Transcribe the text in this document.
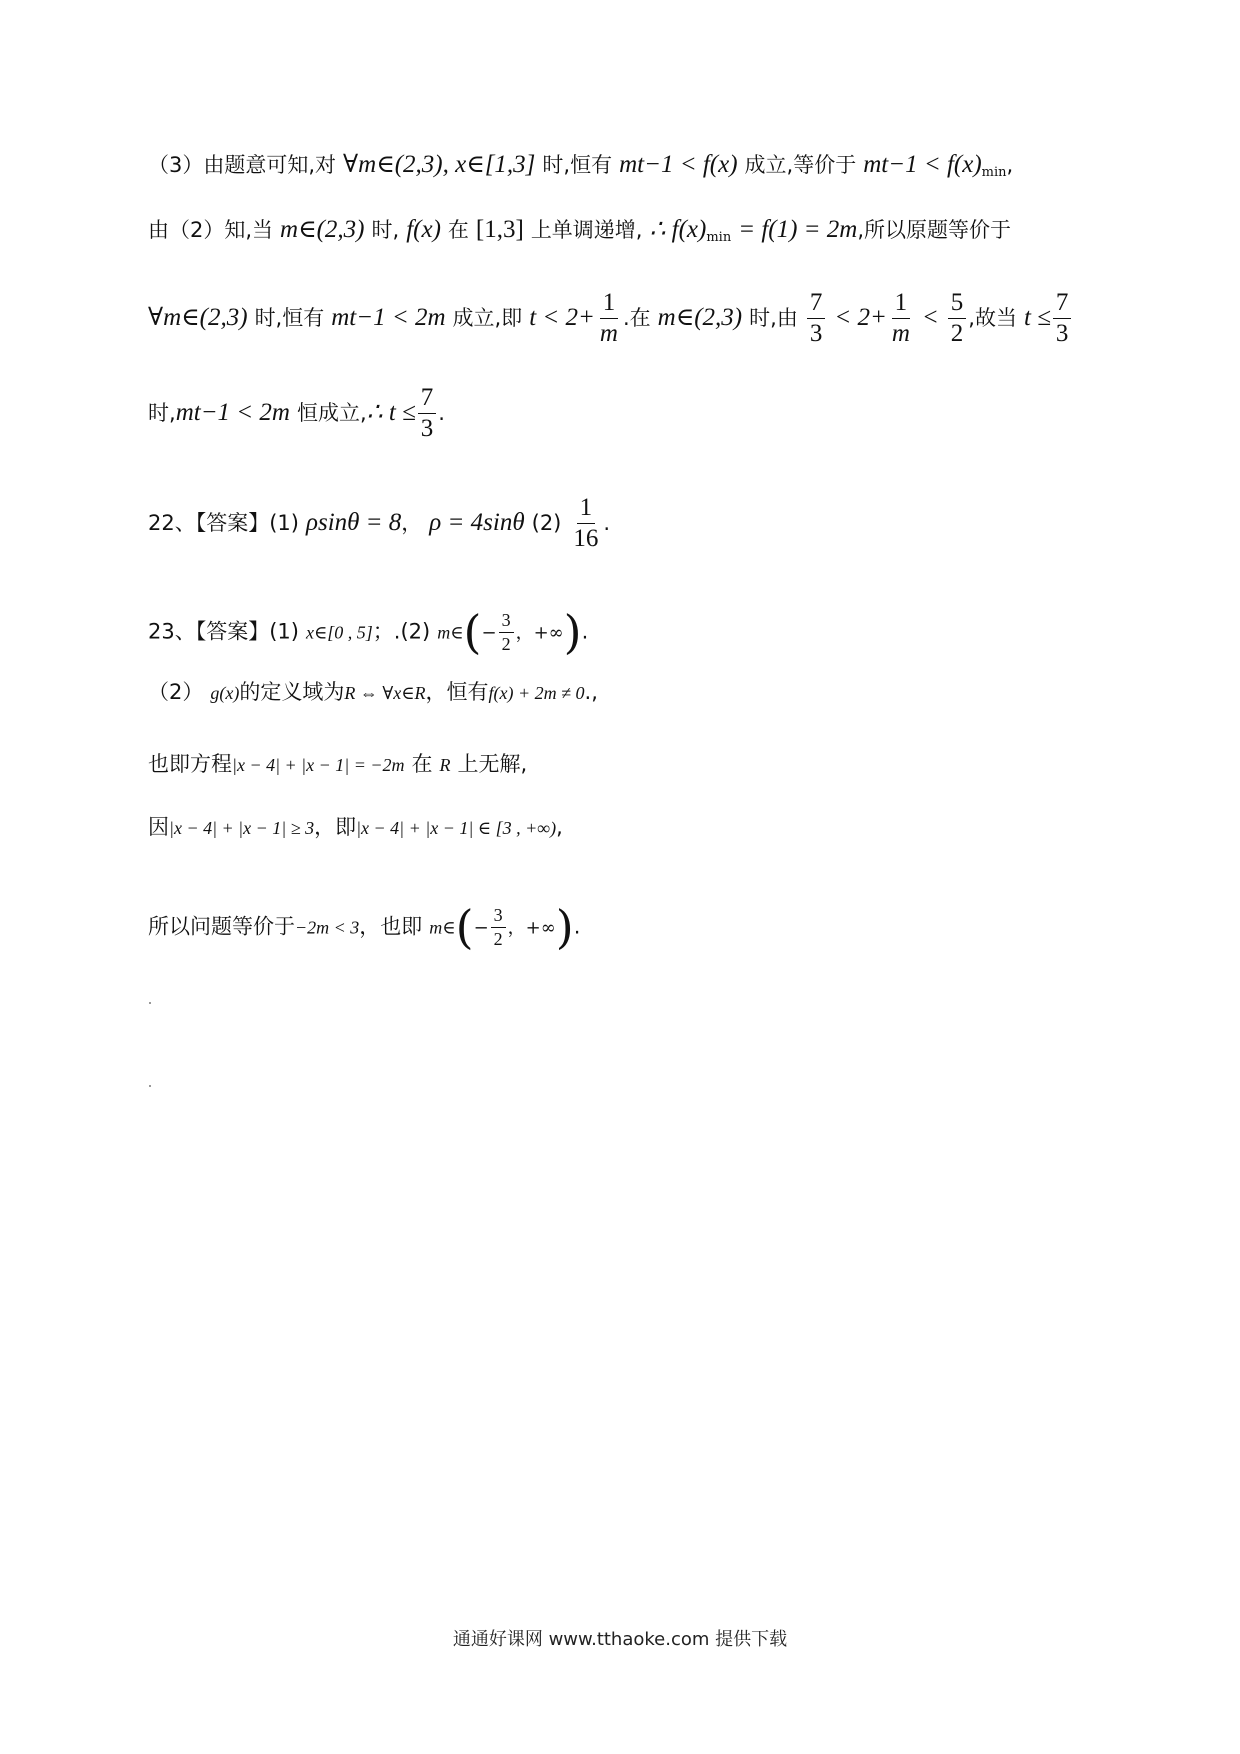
（3）由题意可知,对 ∀m∈(2,3), x∈[1,3] 时,恒有 mt−1 < f(x) 成立,等价于 $mt-1 < f(x)_{min}$,
由（2）知,当 m∈(2,3) 时, f(x) 在 [1,3] 上单调递增, ∴ $f(x)_{min} = f(1) = 2m$,所以原题等价于
∀m∈(2,3) 时,恒有 mt−1 < 2m 成立,即 $t < 2+ \frac{1}{m}$ .在 m∈(2,3) 时,由 $\frac{7}{3} < 2+ \frac{1}{m} < \frac{5}{2}$ ,故当 $t \le \frac{7}{3}$
时,mt−1 < 2m 恒成立,∴ $t \le \frac{7}{3}$ .
22、【答案】(1) ρsinθ = 8， ρ = 4sinθ $(2) \frac{1}{16}$ .
23、【答案】(1) x∈[0 , 5]；.(2) m∈(− $\frac{3}{2}$ ，+∞).
（2） g(x)的定义域为R ⇔ ∀x∈R，恒有f(x) + 2m ≠ 0.,
也即方程|x − 4| + |x − 1| = −2m 在 R 上无解,
因|x − 4| + |x − 1| ≥ 3，即|x − 4| + |x − 1| ∈ [3 , +∞),
所以问题等价于−2m < 3，也即 m∈(− $\frac{3}{2}$ ，+∞).
通通好课网 www.tthaoke.com 提供下载
